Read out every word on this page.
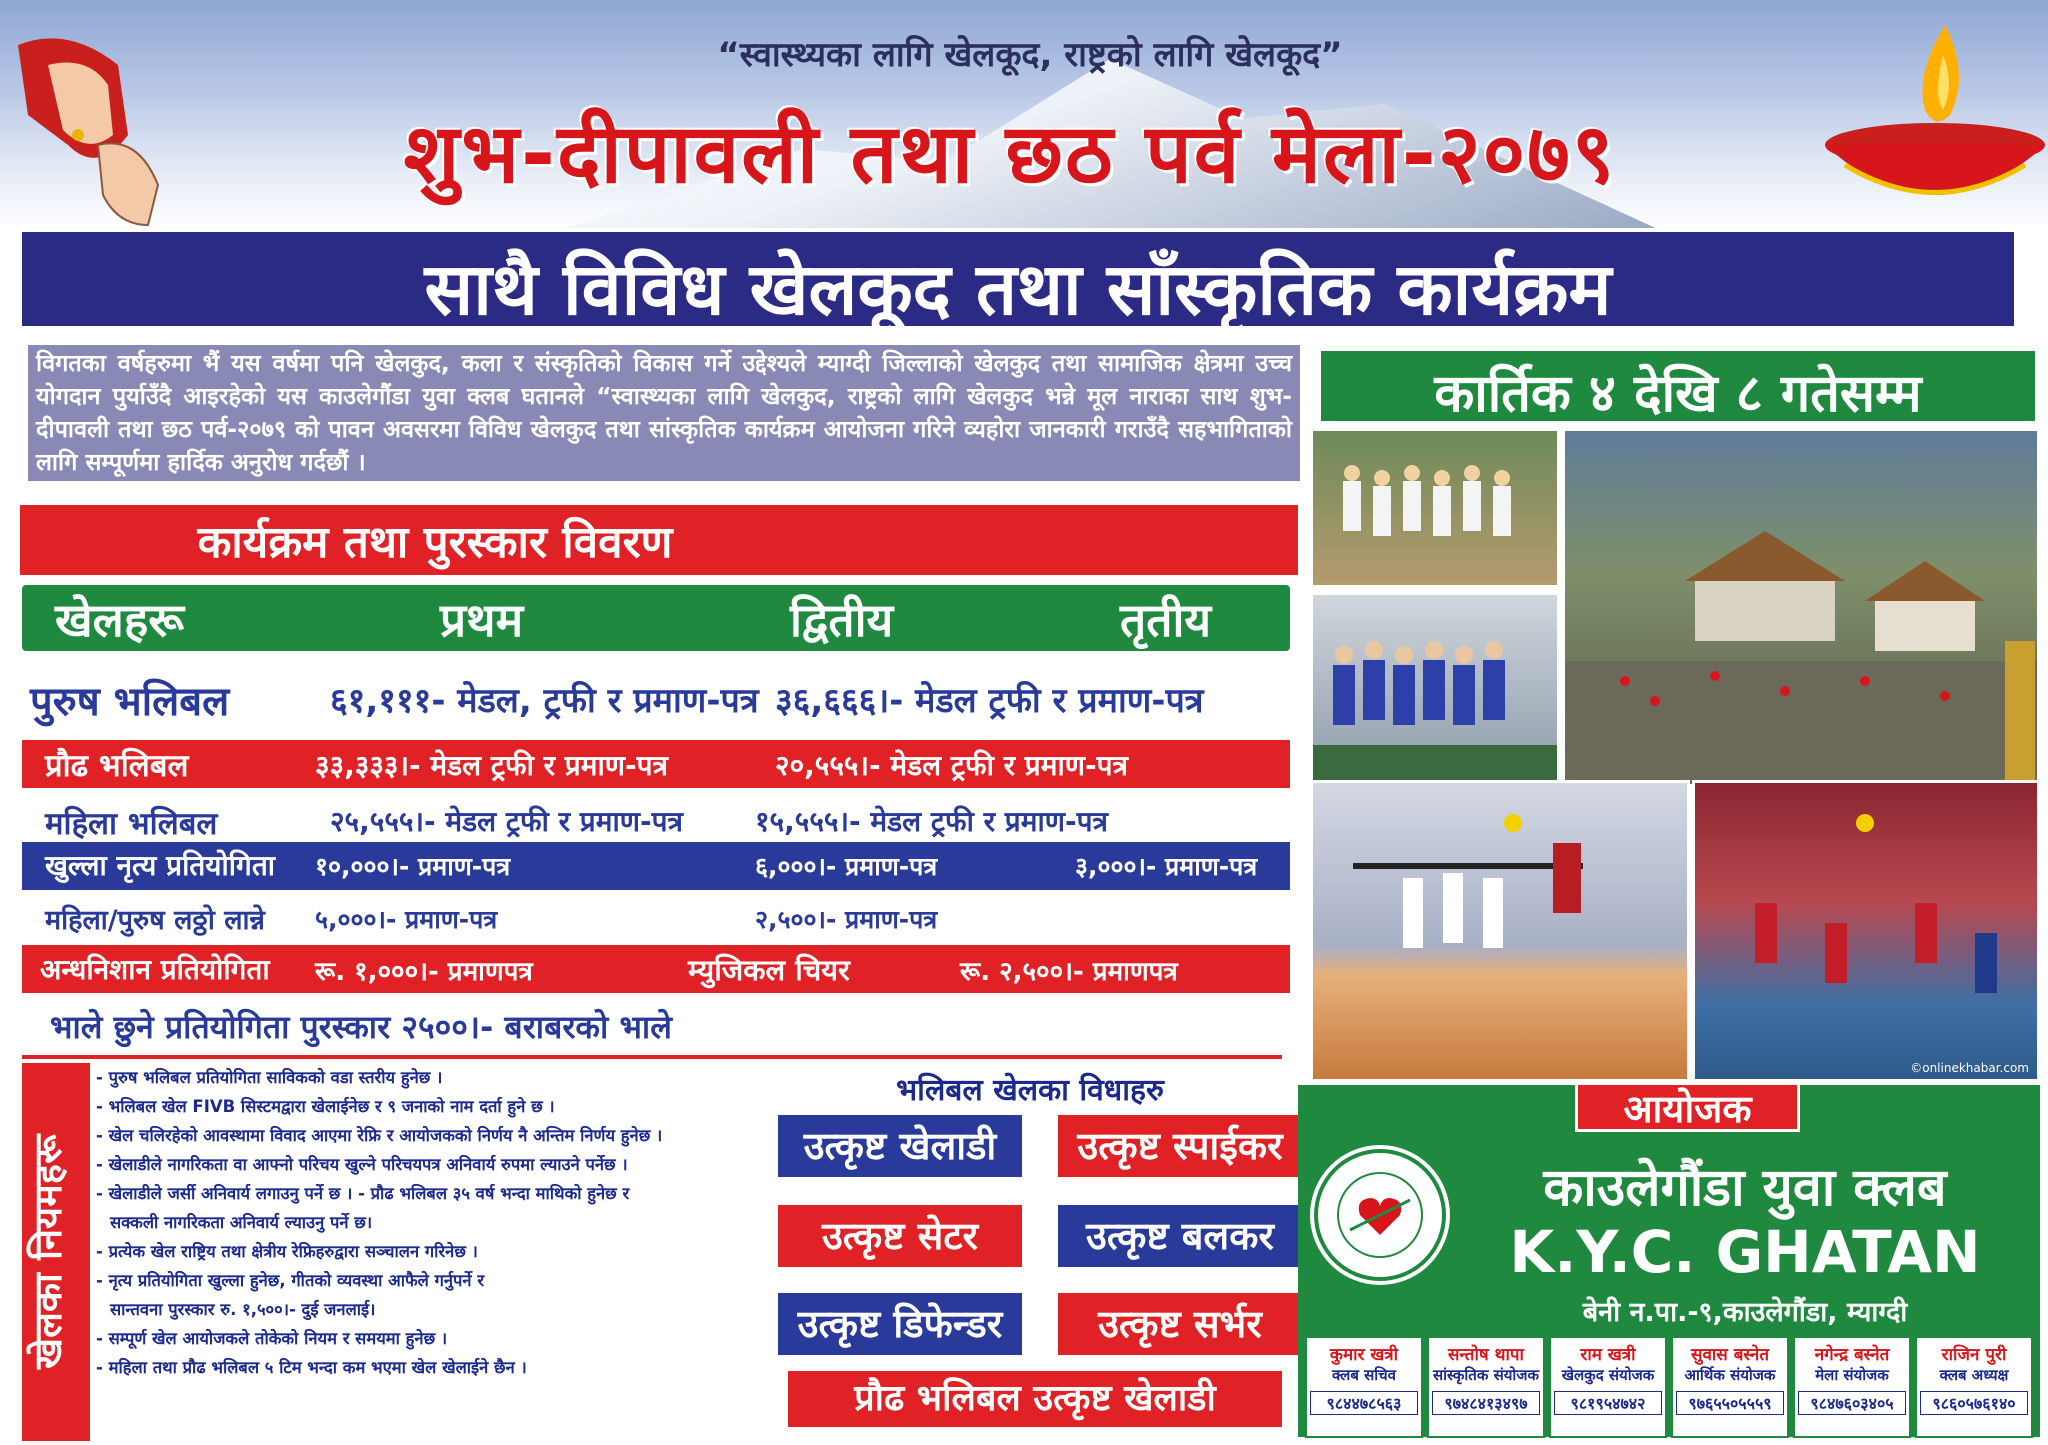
“स्वास्थ्यका लागि खेलकूद, राष्ट्रको लागि खेलकूद”
शुभ-दीपावली तथा छठ पर्व मेला-२०७९
साथै विविध खेलकूद तथा साँस्कृतिक कार्यक्रम
विगतका वर्षहरुमा भैं यस वर्षमा पनि खेलकुद, कला र संस्कृतिको विकास गर्ने उद्देश्यले म्याग्दी जिल्लाको खेलकुद तथा सामाजिक क्षेत्रमा उच्च योगदान पुर्याउँदै आइरहेको यस काउलेगौंडा युवा क्लब घतानले “स्वास्थ्यका लागि खेलकुद, राष्ट्रको लागि खेलकुद भन्ने मूल नाराका साथ शुभ-दीपावली तथा छठ पर्व-२०७९ को पावन अवसरमा विविध खेलकुद तथा सांस्कृतिक कार्यक्रम आयोजना गरिने व्यहोरा जानकारी गराउँदै सहभागिताको लागि सम्पूर्णमा हार्दिक अनुरोध गर्दछौं ।
कार्तिक ४ देखि ८ गतेसम्म
©onlinekhabar.com
कार्यक्रम तथा पुरस्कार विवरण
खेलहरू	प्रथम	द्वितीय	तृतीय
पुरुष भलिबल	६१,१११- मेडल, ट्रफी र प्रमाण-पत्र ३६,६६६।- मेडल ट्रफी र प्रमाण-पत्र
प्रौढ भलिबल	३३,३३३।- मेडल ट्रफी र प्रमाण-पत्र	२०,५५५।- मेडल ट्रफी र प्रमाण-पत्र
महिला भलिबल	२५,५५५।- मेडल ट्रफी र प्रमाण-पत्र	१५,५५५।- मेडल ट्रफी र प्रमाण-पत्र
खुल्ला नृत्य प्रतियोगिता १०,०००।- प्रमाण-पत्र	६,०००।- प्रमाण-पत्र	३,०००।- प्रमाण-पत्र
महिला/पुरुष लठ्ठो लान्ने ५,०००।- प्रमाण-पत्र	२,५००।- प्रमाण-पत्र
अन्धनिशान प्रतियोगिता रू. १,०००।- प्रमाणपत्र	म्युजिकल चियर	रू. २,५००।- प्रमाणपत्र
भाले छुने प्रतियोगिता पुरस्कार २५००।- बराबरको भाले
खेलका नियमहरू
- पुरुष भलिबल प्रतियोगिता साविकको वडा स्तरीय हुनेछ ।
- भलिबल खेल FIVB सिस्टमद्वारा खेलाईनेछ र ९ जनाको नाम दर्ता हुने छ ।
- खेल चलिरहेको आवस्थामा विवाद आएमा रेफ्रि र आयोजकको निर्णय नै अन्तिम निर्णय हुनेछ ।
- खेलाडीले नागरिकता वा आफ्नो परिचय खुल्ने परिचयपत्र अनिवार्य रुपमा ल्याउने पर्नेछ ।
- खेलाडीले जर्सी अनिवार्य लगाउनु पर्ने छ । - प्रौढ भलिबल ३५ वर्ष भन्दा माथिको हुनेछ र
सक्कली नागरिकता अनिवार्य ल्याउनु पर्ने छ।
- प्रत्येक खेल राष्ट्रिय तथा क्षेत्रीय रेफ्रिहरुद्वारा सञ्चालन गरिनेछ ।
- नृत्य प्रतियोगिता खुल्ला हुनेछ, गीतको व्यवस्था आफैले गर्नुपर्ने र
सान्तवना पुरस्कार रु. १,५००।- दुई जनलाई।
- सम्पूर्ण खेल आयोजकले तोकेको नियम र समयमा हुनेछ ।
- महिला तथा प्रौढ भलिबल ५ टिम भन्दा कम भएमा खेल खेलाईने छैन ।
भलिबल खेलका विधाहरु
उत्कृष्ट खेलाडी	उत्कृष्ट स्पाईकर
उत्कृष्ट सेटर	उत्कृष्ट बलकर
उत्कृष्ट डिफेन्डर	उत्कृष्ट सर्भर
प्रौढ भलिबल उत्कृष्ट खेलाडी
आयोजक
काउलेगौंडा युवा क्लब
K.Y.C. GHATAN
बेनी न.पा.-९,काउलेगौंडा, म्याग्दी
कुमार खत्री
क्लब सचिव
९८४४७८५६३
सन्तोष थापा
सांस्कृतिक संयोजक
९७४८४१३४९७
राम खत्री
खेलकुद संयोजक
९८१९५४७४२
सुवास बस्नेत
आर्थिक संयोजक
९७६५५०५५५९
नगेन्द्र बस्नेत
मेला संयोजक
९८४७६०३४०५
राजिन पुरी
क्लब अध्यक्ष
९८६०५७६१४०
